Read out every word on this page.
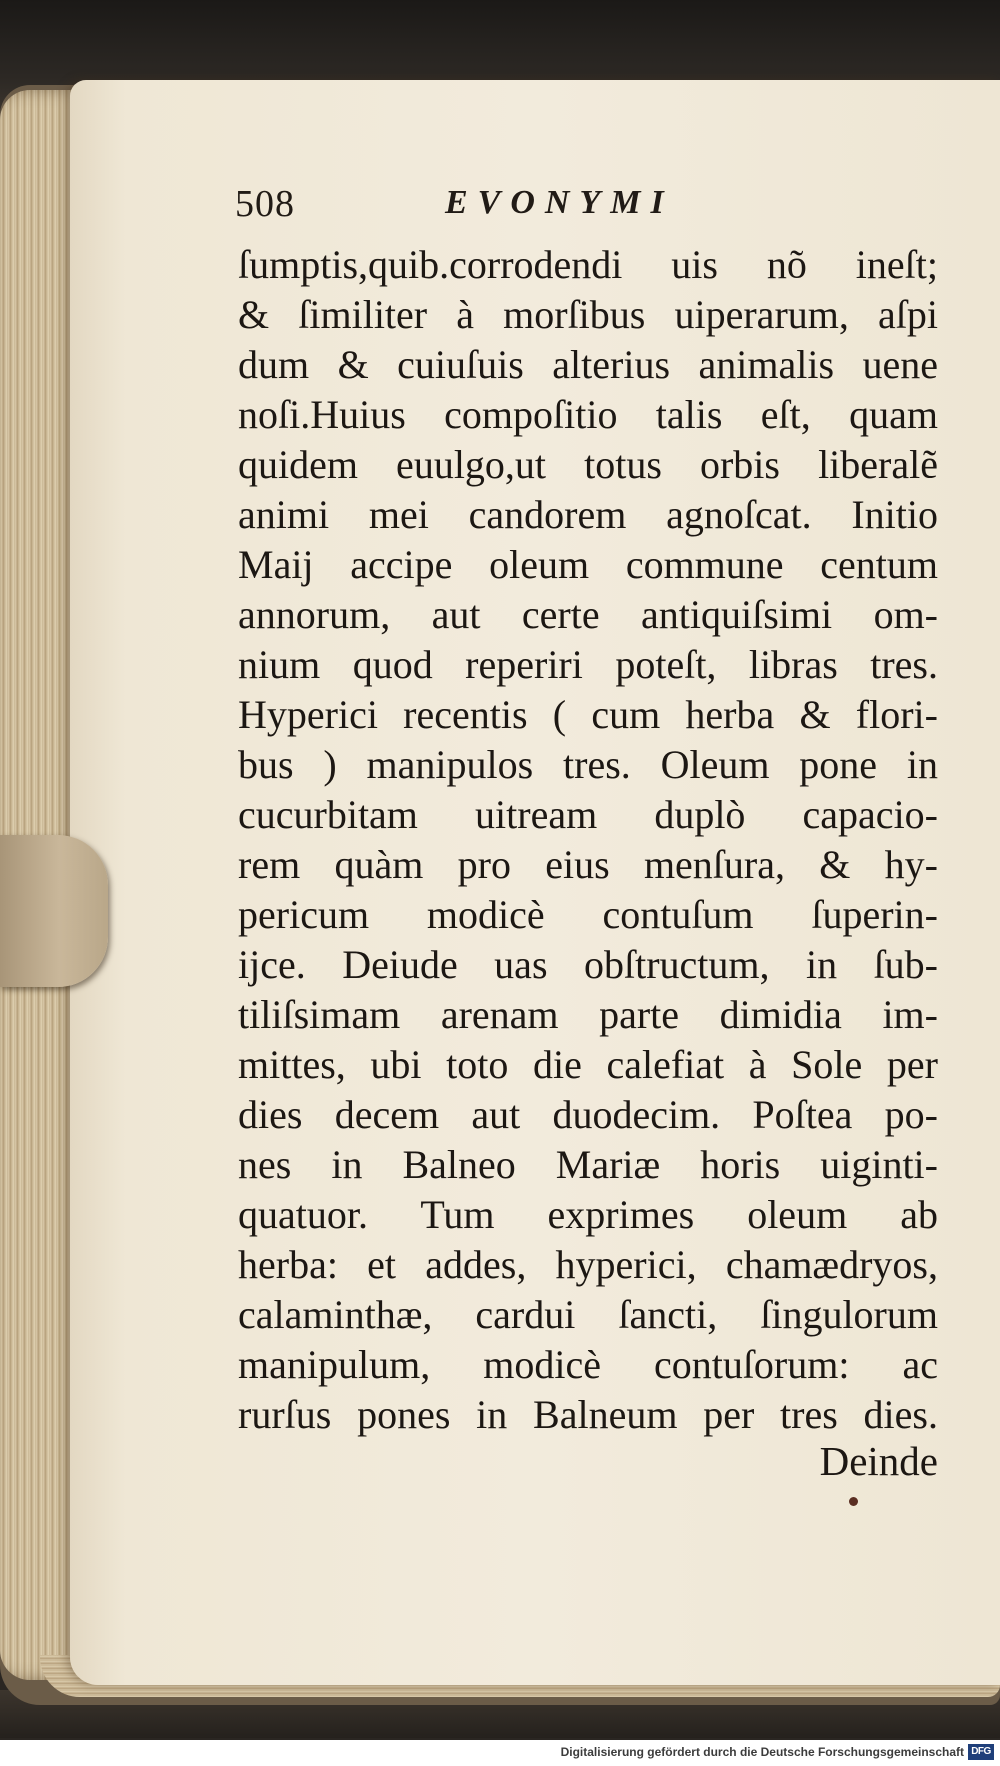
508	EVONYMI
ſumptis,quib.corrodendi uis nõ ineſt;
& ſimiliter à morſibus uiperarum, aſpi
dum & cuiuſuis alterius animalis uene
noſi.Huius compoſitio talis eſt, quam
quidem euulgo,ut totus orbis liberalẽ
animi mei candorem agnoſcat. Initio
Maij accipe oleum commune centum
annorum, aut certe antiquiſsimi om-
nium quod reperiri poteſt, libras tres.
Hyperici recentis ( cum herba & flori-
bus ) manipulos tres. Oleum pone in
cucurbitam uitream duplò capacio-
rem quàm pro eius menſura, & hy-
pericum modicè contuſum ſuperin-
ijce. Deiude uas obſtructum, in ſub-
tiliſsimam arenam parte dimidia im-
mittes, ubi toto die calefiat à Sole per
dies decem aut duodecim. Poſtea po-
nes in Balneo Mariæ horis uiginti-
quatuor. Tum exprimes oleum ab
herba: et addes, hyperici, chamædryos,
calaminthæ, cardui ſancti, ſingulorum
manipulum, modicè contuſorum: ac
rurſus pones in Balneum per tres dies.
Deinde
Digitalisierung gefördert durch die Deutsche Forschungsgemeinschaft DFG
